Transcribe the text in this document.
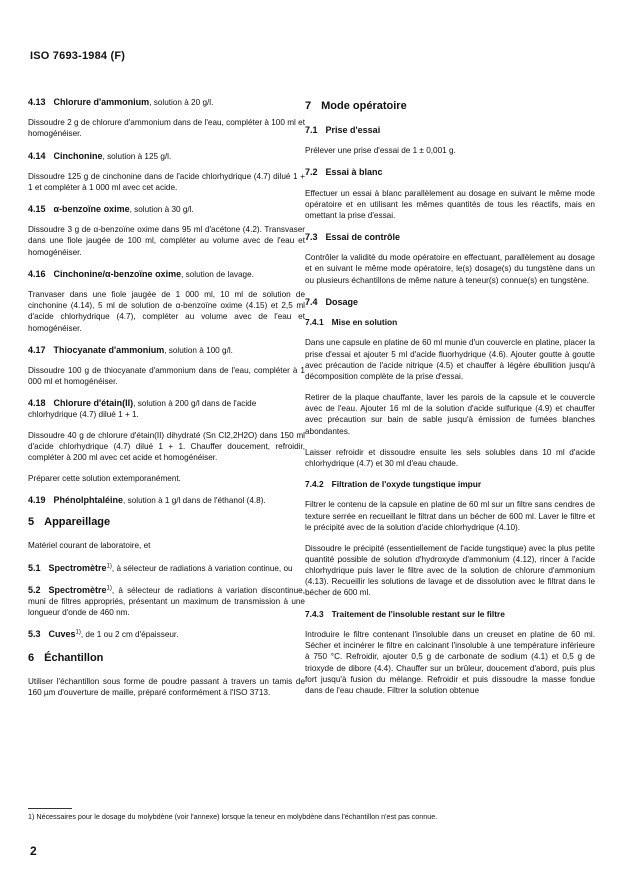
ISO 7693-1984 (F)
4.13 Chlorure d'ammonium, solution à 20 g/l.
Dissoudre 2 g de chlorure d'ammonium dans de l'eau, compléter à 100 ml et homogénéiser.
4.14 Cinchonine, solution à 125 g/l.
Dissoudre 125 g de cinchonine dans de l'acide chlorhydrique (4.7) dilué 1 + 1 et compléter à 1 000 ml avec cet acide.
4.15 α-benzoïne oxime, solution à 30 g/l.
Dissoudre 3 g de α-benzoïne oxime dans 95 ml d'acétone (4.2). Transvaser dans une fiole jaugée de 100 ml, compléter au volume avec de l'eau et homogénéiser.
4.16 Cinchonine/α-benzoïne oxime, solution de lavage.
Tranvaser dans une fiole jaugée de 1 000 ml, 10 ml de solution de cinchonine (4.14), 5 ml de solution de α-benzoïne oxime (4.15) et 2,5 ml d'acide chlorhydrique (4.7), compléter au volume avec de l'eau et homogénéiser.
4.17 Thiocyanate d'ammonium, solution à 100 g/l.
Dissoudre 100 g de thiocyanate d'ammonium dans de l'eau, compléter à 1 000 ml et homogénéiser.
4.18 Chlorure d'étain(II), solution à 200 g/l dans de l'acide chlorhydrique (4.7) dilué 1 + 1.
Dissoudre 40 g de chlorure d'étain(II) dihydraté (Sn Cl2,2H2O) dans 150 ml d'acide chlorhydrique (4.7) dilué 1 + 1. Chauffer doucement, refroidir, compléter à 200 ml avec cet acide et homogénéiser.
Préparer cette solution extemporanément.
4.19 Phénolphtaléine, solution à 1 g/l dans de l'éthanol (4.8).
5 Appareillage
Matériel courant de laboratoire, et
5.1 Spectromètre$^{1)}$, à sélecteur de radiations à variation continue, ou
5.2 Spectromètre$^{1)}$, à sélecteur de radiations à variation discontinue, muni de filtres appropriés, présentant un maximum de transmission à une longueur d'onde de 460 nm.
5.3 Cuves$^{1)}$, de 1 ou 2 cm d'épaisseur.
6 Échantillon
Utiliser l'échantillon sous forme de poudre passant à travers un tamis de 160 µm d'ouverture de maille, préparé conformément à l'ISO 3713.
7 Mode opératoire
7.1 Prise d'essai
Prélever une prise d'essai de 1 ± 0,001 g.
7.2 Essai à blanc
Effectuer un essai à blanc parallèlement au dosage en suivant le même mode opératoire et en utilisant les mêmes quantités de tous les réactifs, mais en omettant la prise d'essai.
7.3 Essai de contrôle
Contrôler la validité du mode opératoire en effectuant, parallèlement au dosage et en suivant le même mode opératoire, le(s) dosage(s) du tungstène dans un ou plusieurs échantillons de même nature à teneur(s) connue(s) en tungstène.
7.4 Dosage
7.4.1 Mise en solution
Dans une capsule en platine de 60 ml munie d'un couvercle en platine, placer la prise d'essai et ajouter 5 ml d'acide fluorhydrique (4.6). Ajouter goutte à goutte avec précaution de l'acide nitrique (4.5) et chauffer à légère ébullition jusqu'à décomposition complète de la prise d'essai.
Retirer de la plaque chauffante, laver les parois de la capsule et le couvercle avec de l'eau. Ajouter 16 ml de la solution d'acide sulfurique (4.9) et chauffer avec précaution sur bain de sable jusqu'à émission de fumées blanches abondantes.
Laisser refroidir et dissoudre ensuite les sels solubles dans 10 ml d'acide chlorhydrique (4.7) et 30 ml d'eau chaude.
7.4.2 Filtration de l'oxyde tungstique impur
Filtrer le contenu de la capsule en platine de 60 ml sur un filtre sans cendres de texture serrée en recueillant le filtrat dans un bécher de 600 ml. Laver le filtre et le précipité avec de la solution d'acide chlorhydrique (4.10).
Dissoudre le précipité (essentiellement de l'acide tungstique) avec la plus petite quantité possible de solution d'hydroxyde d'ammonium (4.12), rincer à l'acide chlorhydrique puis laver le filtre avec de la solution de chlorure d'ammonium (4.13). Recueillir les solutions de lavage et de dissolution avec le filtrat dans le bécher de 600 ml.
7.4.3 Traitement de l'insoluble restant sur le filtre
Introduire le filtre contenant l'insoluble dans un creuset en platine de 60 ml. Sécher et incinérer le filtre en calcinant l'insoluble à une température inférieure à 750 °C. Refroidir, ajouter 0,5 g de carbonate de sodium (4.1) et 0,5 g de trioxyde de dibore (4.4). Chauffer sur un brûleur, doucement d'abord, puis plus fort jusqu'à fusion du mélange. Refroidir et puis dissoudre la masse fondue dans de l'eau chaude. Filtrer la solution obtenue
1) Nécessaires pour le dosage du molybdène (voir l'annexe) lorsque la teneur en molybdène dans l'échantillon n'est pas connue.
2
